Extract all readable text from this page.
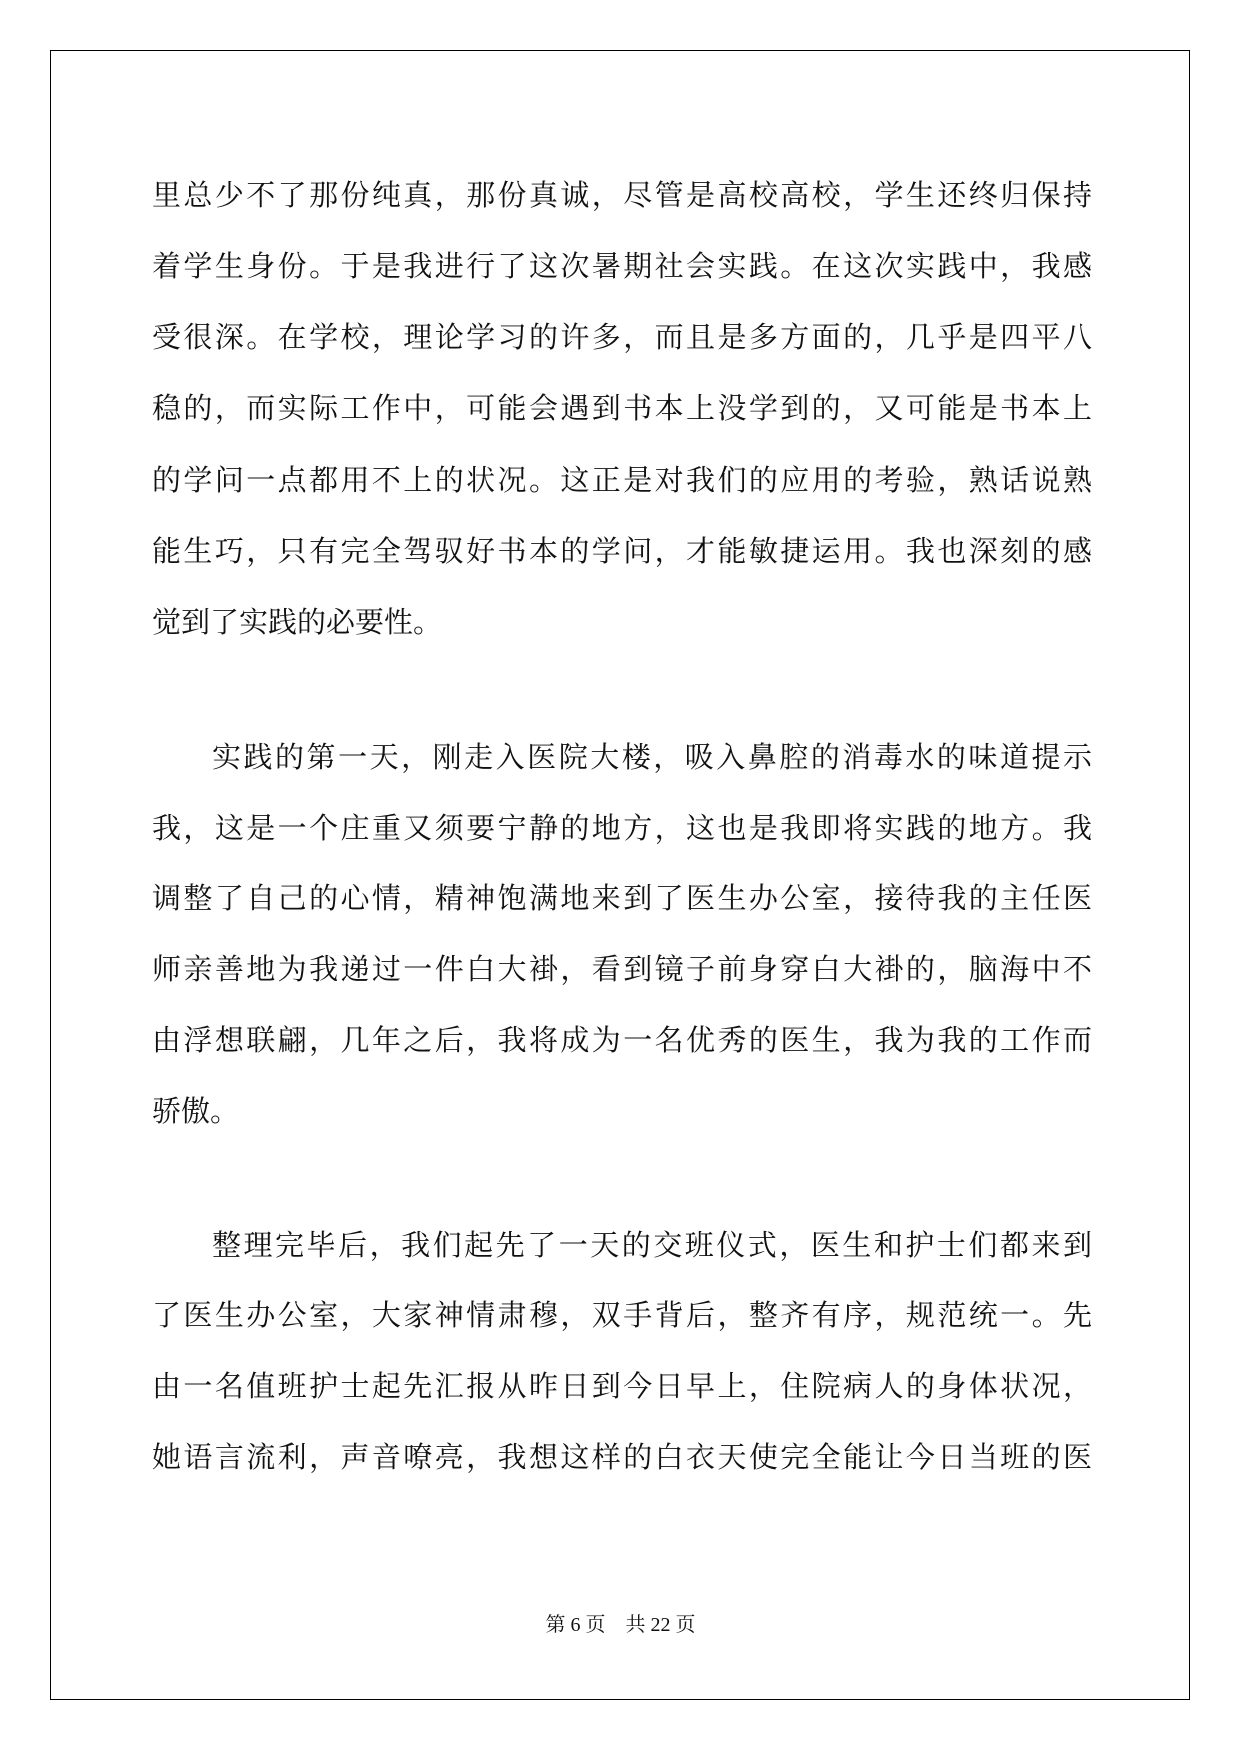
里总少不了那份纯真，那份真诚，尽管是高校高校，学生还终归保持
着学生身份。于是我进行了这次暑期社会实践。在这次实践中，我感
受很深。在学校，理论学习的许多，而且是多方面的，几乎是四平八
稳的，而实际工作中，可能会遇到书本上没学到的，又可能是书本上
的学问一点都用不上的状况。这正是对我们的应用的考验，熟话说熟
能生巧，只有完全驾驭好书本的学问，才能敏捷运用。我也深刻的感
觉到了实践的必要性。
实践的第一天，刚走入医院大楼，吸入鼻腔的消毒水的味道提示
我，这是一个庄重又须要宁静的地方，这也是我即将实践的地方。我
调整了自己的心情，精神饱满地来到了医生办公室，接待我的主任医
师亲善地为我递过一件白大褂，看到镜子前身穿白大褂的，脑海中不
由浮想联翩，几年之后，我将成为一名优秀的医生，我为我的工作而
骄傲。
整理完毕后，我们起先了一天的交班仪式，医生和护士们都来到
了医生办公室，大家神情肃穆，双手背后，整齐有序，规范统一。先
由一名值班护士起先汇报从昨日到今日早上，住院病人的身体状况，
她语言流利，声音嘹亮，我想这样的白衣天使完全能让今日当班的医
第 6 页    共 22 页
